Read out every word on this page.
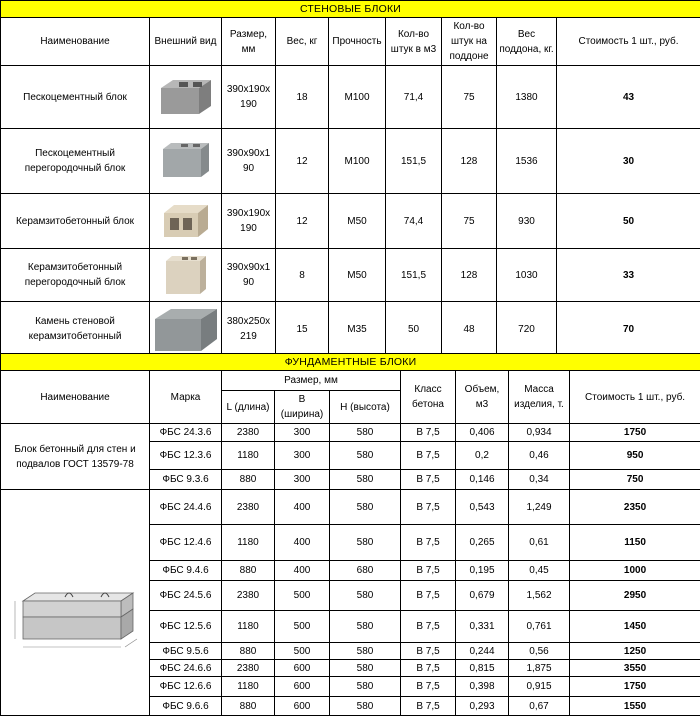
СТЕНОВЫЕ БЛОКИ								
Наименование	Внешний вид	Размер, мм	Вес, кг	Прочность	Кол-во штук в м3	Кол-во штук на поддоне	Вес поддона, кг.	Стоимость 1 шт., руб.
Пескоцементный блок		390х190х 190	18	М100	71,4	75	1380	43
Пескоцементный перегородочный блок		390х90х1 90	12	М100	151,5	128	1536	30
Керамзитобетонный блок		390х190х 190	12	М50	74,4	75	930	50
Керамзитобетонный перегородочный блок		390х90х1 90	8	М50	151,5	128	1030	33
Камень стеновой керамзитобетонный		380х250х 219	15	М35	50	48	720	70
ФУНДАМЕНТНЫЕ БЛОКИ								
Наименование	Марка	Размер, мм			Класс бетона	Объем, м3	Масса изделия, т.	Стоимость 1 шт., руб.
		L (длина)	B (ширина)	H (высота)				
Блок бетонный для стен и подвалов ГОСТ 13579-78	ФБС 24.3.6	2380	300	580	В 7,5	0,406	0,934	1750
	ФБС 12.3.6	1180	300	580	В 7,5	0,2	0,46	950
	ФБС 9.3.6	880	300	580	В 7,5	0,146	0,34	750

	ФБС 24.4.6	2380	400	580	В 7,5	0,543	1,249	2350
	ФБС 12.4.6	1180	400	580	В 7,5	0,265	0,61	1150
	ФБС 9.4.6	880	400	680	В 7,5	0,195	0,45	1000
	ФБС 24.5.6	2380	500	580	В 7,5	0,679	1,562	2950
	ФБС 12.5.6	1180	500	580	В 7,5	0,331	0,761	1450
	ФБС 9.5.6	880	500	580	В 7,5	0,244	0,56	1250
	ФБС 24.6.6	2380	600	580	В 7,5	0,815	1,875	3550
	ФБС 12.6.6	1180	600	580	В 7,5	0,398	0,915	1750
	ФБС 9.6.6	880	600	580	В 7,5	0,293	0,67	1550
